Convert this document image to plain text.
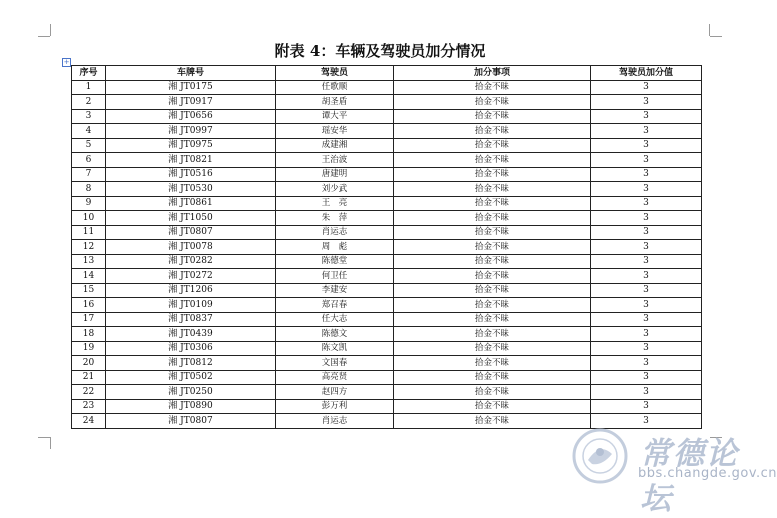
附表 4：车辆及驾驶员加分情况
+
序号	车牌号	驾驶员	加分事项	驾驶员加分值
1	湘 JT0175	任歌顺	拾金不昧	3
2	湘 JT0917	胡圣盾	拾金不昧	3
3	湘 JT0656	谭大平	拾金不昧	3
4	湘 JT0997	瑶安华	拾金不昧	3
5	湘 JT0975	成建湘	拾金不昧	3
6	湘 JT0821	王治波	拾金不昧	3
7	湘 JT0516	唐建明	拾金不昧	3
8	湘 JT0530	刘少武	拾金不昧	3
9	湘 JT0861	王　亮	拾金不昧	3
10	湘 JT1050	朱　萍	拾金不昧	3
11	湘 JT0807	肖运志	拾金不昧	3
12	湘 JT0078	周　彪	拾金不昧	3
13	湘 JT0282	陈德堂	拾金不昧	3
14	湘 JT0272	何卫任	拾金不昧	3
15	湘 JT1206	李建安	拾金不昧	3
16	湘 JT0109	郑召春	拾金不昧	3
17	湘 JT0837	任大志	拾金不昧	3
18	湘 JT0439	陈德文	拾金不昧	3
19	湘 JT0306	陈文凯	拾金不昧	3
20	湘 JT0812	文国春	拾金不昧	3
21	湘 JT0502	高亮贤	拾金不昧	3
22	湘 JT0250	赵四方	拾金不昧	3
23	湘 JT0890	彭万利	拾金不昧	3
24	湘 JT0807	肖运志	拾金不昧	3
常德论坛
bbs.changde.gov.cn
